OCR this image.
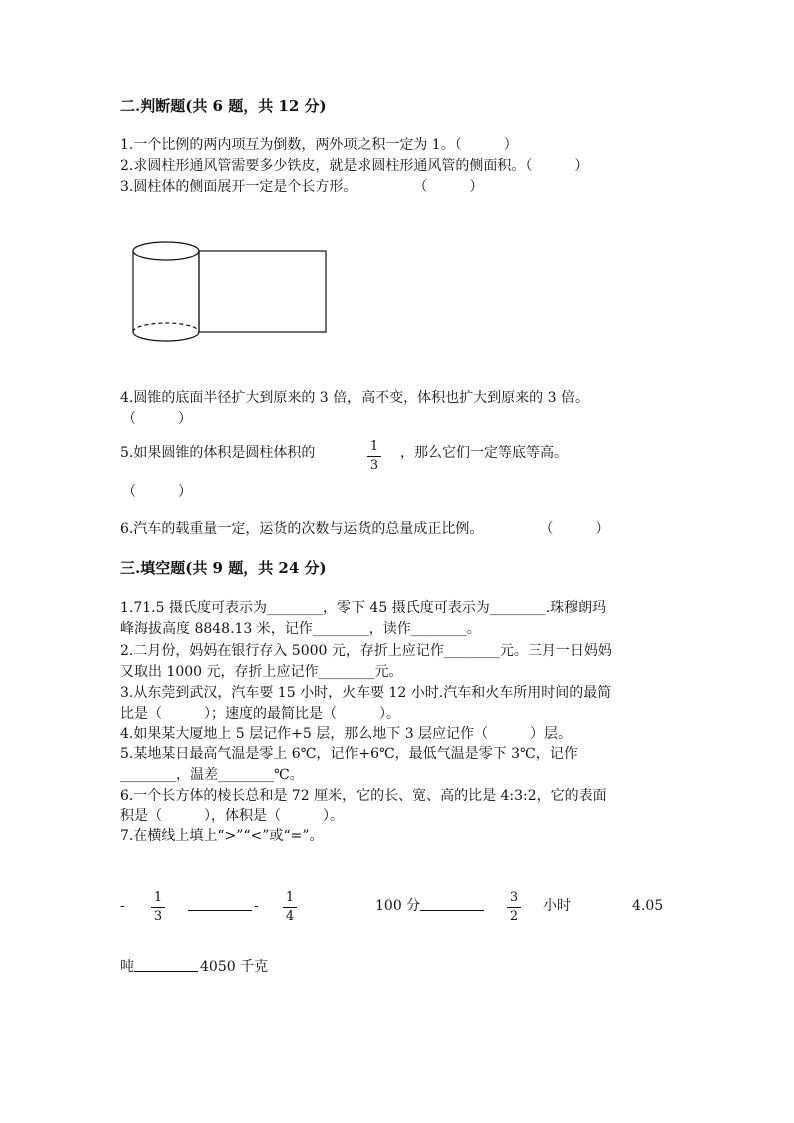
二.判断题(共 6 题，共 12 分)
1.一个比例的两内项互为倒数，两外项之积一定为 1。（　　　）
2.求圆柱形通风管需要多少铁皮，就是求圆柱形通风管的侧面积。（　　　）
3.圆柱体的侧面展开一定是个长方形。　　　　　（　　　）
4.圆锥的底面半径扩大到原来的 3 倍，高不变，体积也扩大到原来的 3 倍。
（　　　）
5.如果圆锥的体积是圆柱体积的	1
3
，那么它们一定等底等高。
（　　　）
6.汽车的载重量一定，运货的次数与运货的总量成正比例。　　　　　（　　　）
三.填空题(共 9 题，共 24 分)
1.71.5 摄氏度可表示为________，零下 45 摄氏度可表示为________.珠穆朗玛
峰海拔高度 8848.13 米，记作________，读作________。
2.二月份，妈妈在银行存入 5000 元，存折上应记作________元。三月一日妈妈
又取出 1000 元，存折上应记作________元。
3.从东莞到武汉，汽车要 15 小时，火车要 12 小时.汽车和火车所用时间的最简
比是（　　　）；速度的最简比是（　　　）。
4.如果某大厦地上 5 层记作+5 层，那么地下 3 层应记作（　　　）层。
5.某地某日最高气温是零上 6℃，记作+6℃，最低气温是零下 3℃，记作
________，温差________℃。
6.一个长方体的棱长总和是 72 厘米，它的长、宽、高的比是 4:3:2，它的表面
积是（　　　），体积是（　　　）。
7.在横线上填上“>”“<”或“=”。
-
1
3
-
1
4
100 分
3
2
小时	4.05
吨	4050 千克
